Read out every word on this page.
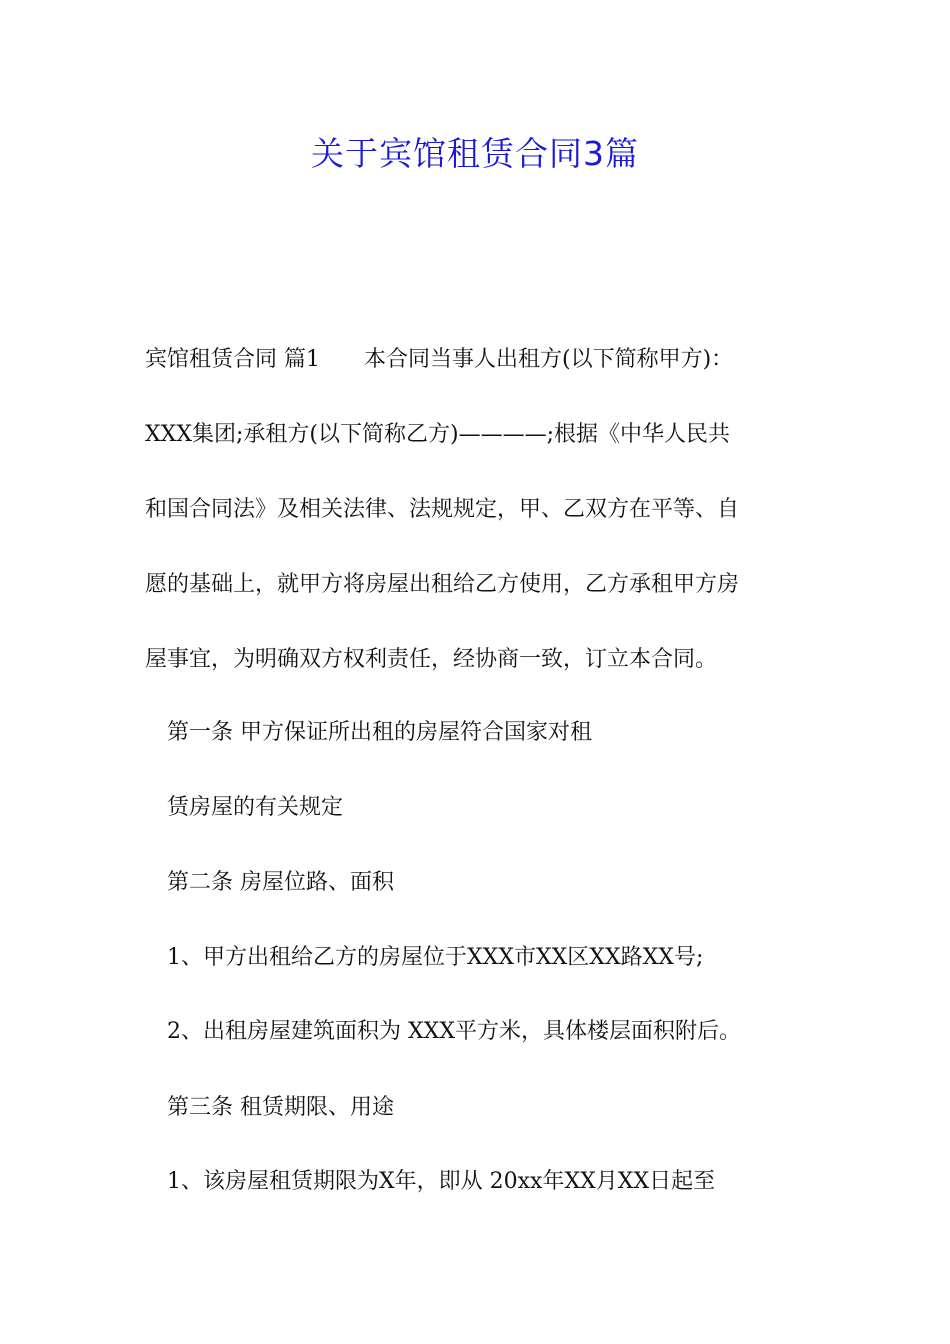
关于宾馆租赁合同3篇
宾馆租赁合同 篇1　　本合同当事人出租方(以下简称甲方)：
XXX集团;承租方(以下简称乙方)————;根据《中华人民共
和国合同法》及相关法律、法规规定，甲、乙双方在平等、自
愿的基础上，就甲方将房屋出租给乙方使用，乙方承租甲方房
屋事宜，为明确双方权利责任，经协商一致，订立本合同。
　第一条 甲方保证所出租的房屋符合国家对租
　赁房屋的有关规定
　第二条 房屋位路、面积
　1、甲方出租给乙方的房屋位于XXX市XX区XX路XX号;
　2、出租房屋建筑面积为 XXX平方米，具体楼层面积附后。
　第三条 租赁期限、用途
　1、该房屋租赁期限为X年，即从 20xx年XX月XX日起至
